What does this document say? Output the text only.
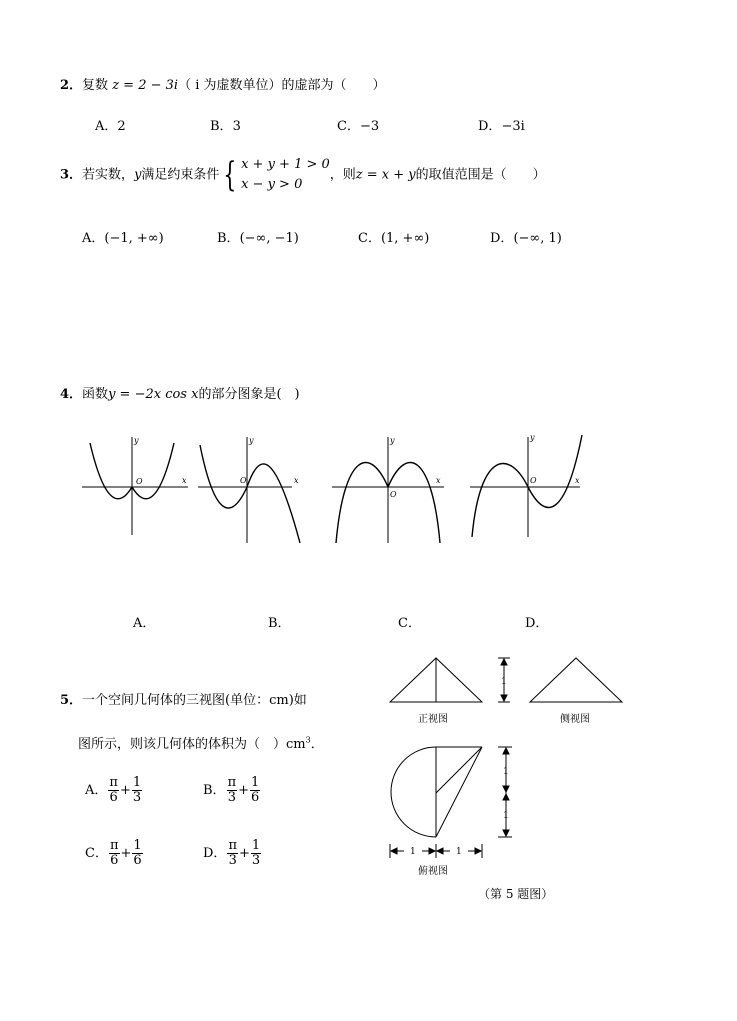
2．复数 z = 2 − 3i（ i 为虚数单位）的虚部为（　　）
A．2	B．3	C．−3	D．−3i
3．若实数，y满足约束条件 { x + y + 1 > 0
x − y > 0
，则z = x + y的取值范围是（　　）
A．(−1, +∞)	B．(−∞, −1)	C．(1, +∞)	D．(−∞, 1)
4．函数y = −2x cos x的部分图象是(　)
y
x
O
y
x
O
y
x
O
y
x
O
A．	B．	C．	D．
5．一个空间几何体的三视图(单位：cm)如
图所示，则该几何体的体积为（　）$cm^3$．
A． $\frac{\pi}{6} + \frac{1}{3}$	B． $\frac{\pi}{3} + \frac{1}{6}$
C． $\frac{\pi}{6} + \frac{1}{6}$	D． $\frac{\pi}{3} + \frac{1}{3}$
1
1
1
1	1
正视图	侧视图
俯视图
（第 5 题图）
